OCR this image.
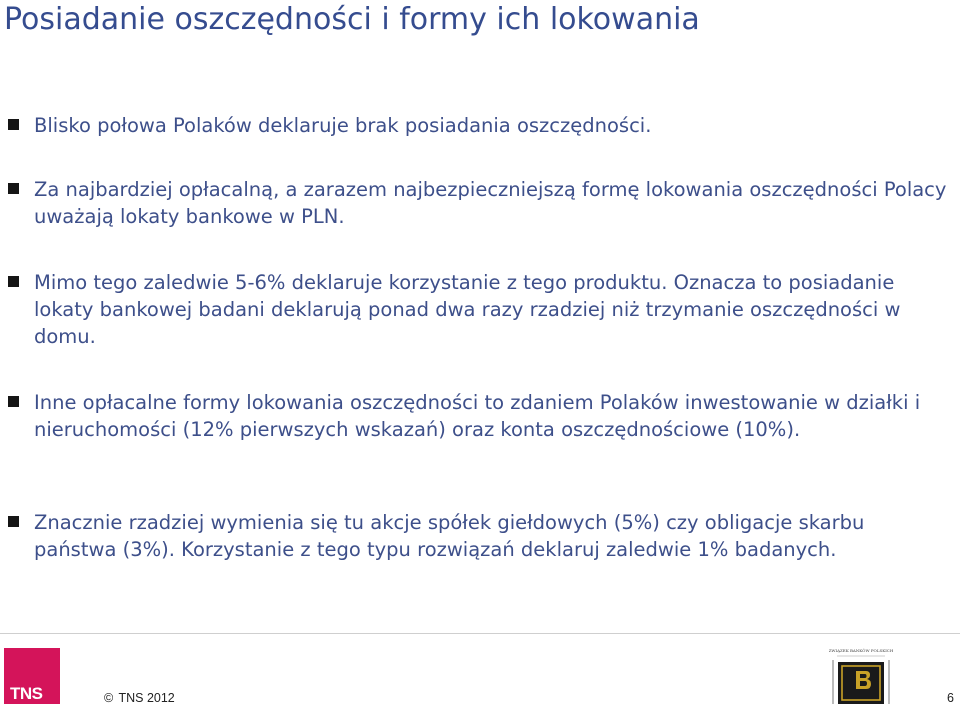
Posiadanie oszczędności i formy ich lokowania
Blisko połowa Polaków deklaruje brak posiadania oszczędności.
Za najbardziej opłacalną, a zarazem najbezpieczniejszą formę lokowania oszczędności Polacy uważają lokaty bankowe w PLN.
Mimo tego zaledwie 5-6% deklaruje korzystanie z tego produktu. Oznacza to posiadanie lokaty bankowej badani deklarują ponad dwa razy rzadziej niż trzymanie oszczędności w domu.
Inne opłacalne formy lokowania oszczędności to zdaniem Polaków inwestowanie w działki i nieruchomości (12% pierwszych wskazań) oraz konta oszczędnościowe (10%).
Znacznie rzadziej wymienia się tu akcje spółek giełdowych (5%) czy obligacje skarbu państwa (3%). Korzystanie z tego typu rozwiązań deklaruj zaledwie 1% badanych.
TNS	© TNS 2012
ZWIĄZEK BANKÓW POLSKICH
6
